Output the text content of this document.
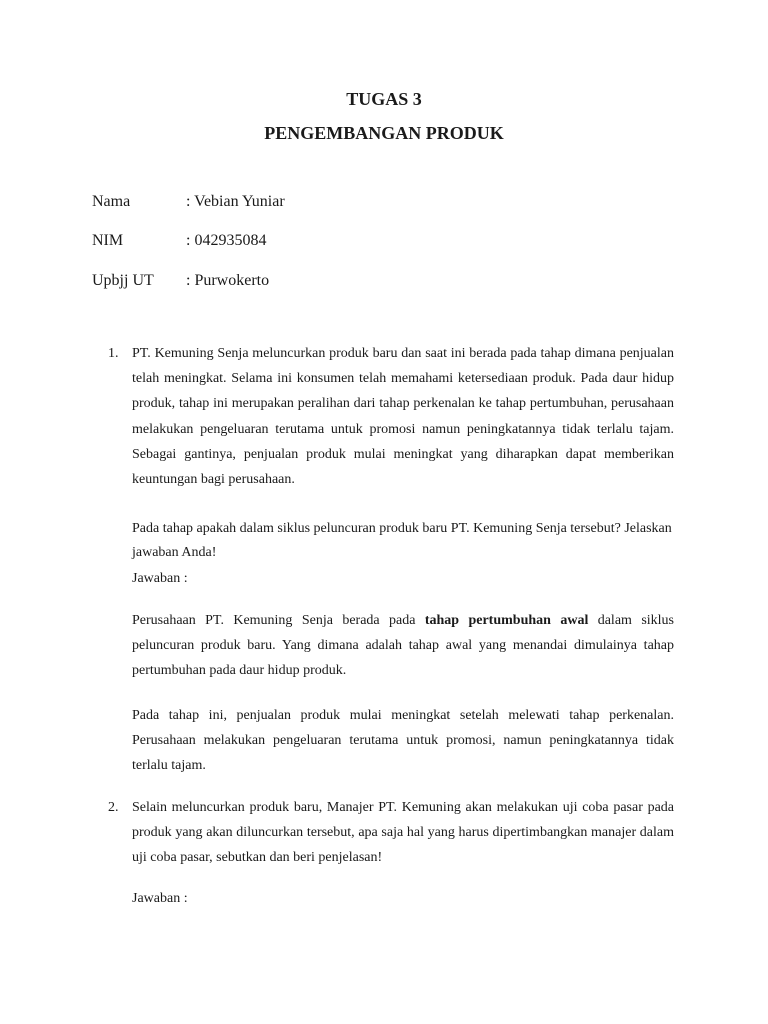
TUGAS 3
PENGEMBANGAN PRODUK
Nama	: Vebian Yuniar
NIM	: 042935084
Upbjj UT	: Purwokerto
1. PT. Kemuning Senja meluncurkan produk baru dan saat ini berada pada tahap dimana penjualan telah meningkat. Selama ini konsumen telah memahami ketersediaan produk. Pada daur hidup produk, tahap ini merupakan peralihan dari tahap perkenalan ke tahap pertumbuhan, perusahaan melakukan pengeluaran terutama untuk promosi namun peningkatannya tidak terlalu tajam. Sebagai gantinya, penjualan produk mulai meningkat yang diharapkan dapat memberikan keuntungan bagi perusahaan.

Pada tahap apakah dalam siklus peluncuran produk baru PT. Kemuning Senja tersebut? Jelaskan jawaban Anda!

Jawaban :

Perusahaan PT. Kemuning Senja berada pada tahap pertumbuhan awal dalam siklus peluncuran produk baru. Yang dimana adalah tahap awal yang menandai dimulainya tahap pertumbuhan pada daur hidup produk.

Pada tahap ini, penjualan produk mulai meningkat setelah melewati tahap perkenalan. Perusahaan melakukan pengeluaran terutama untuk promosi, namun peningkatannya tidak terlalu tajam.

2. Selain meluncurkan produk baru, Manajer PT. Kemuning akan melakukan uji coba pasar pada produk yang akan diluncurkan tersebut, apa saja hal yang harus dipertimbangkan manajer dalam uji coba pasar, sebutkan dan beri penjelasan!

Jawaban :
